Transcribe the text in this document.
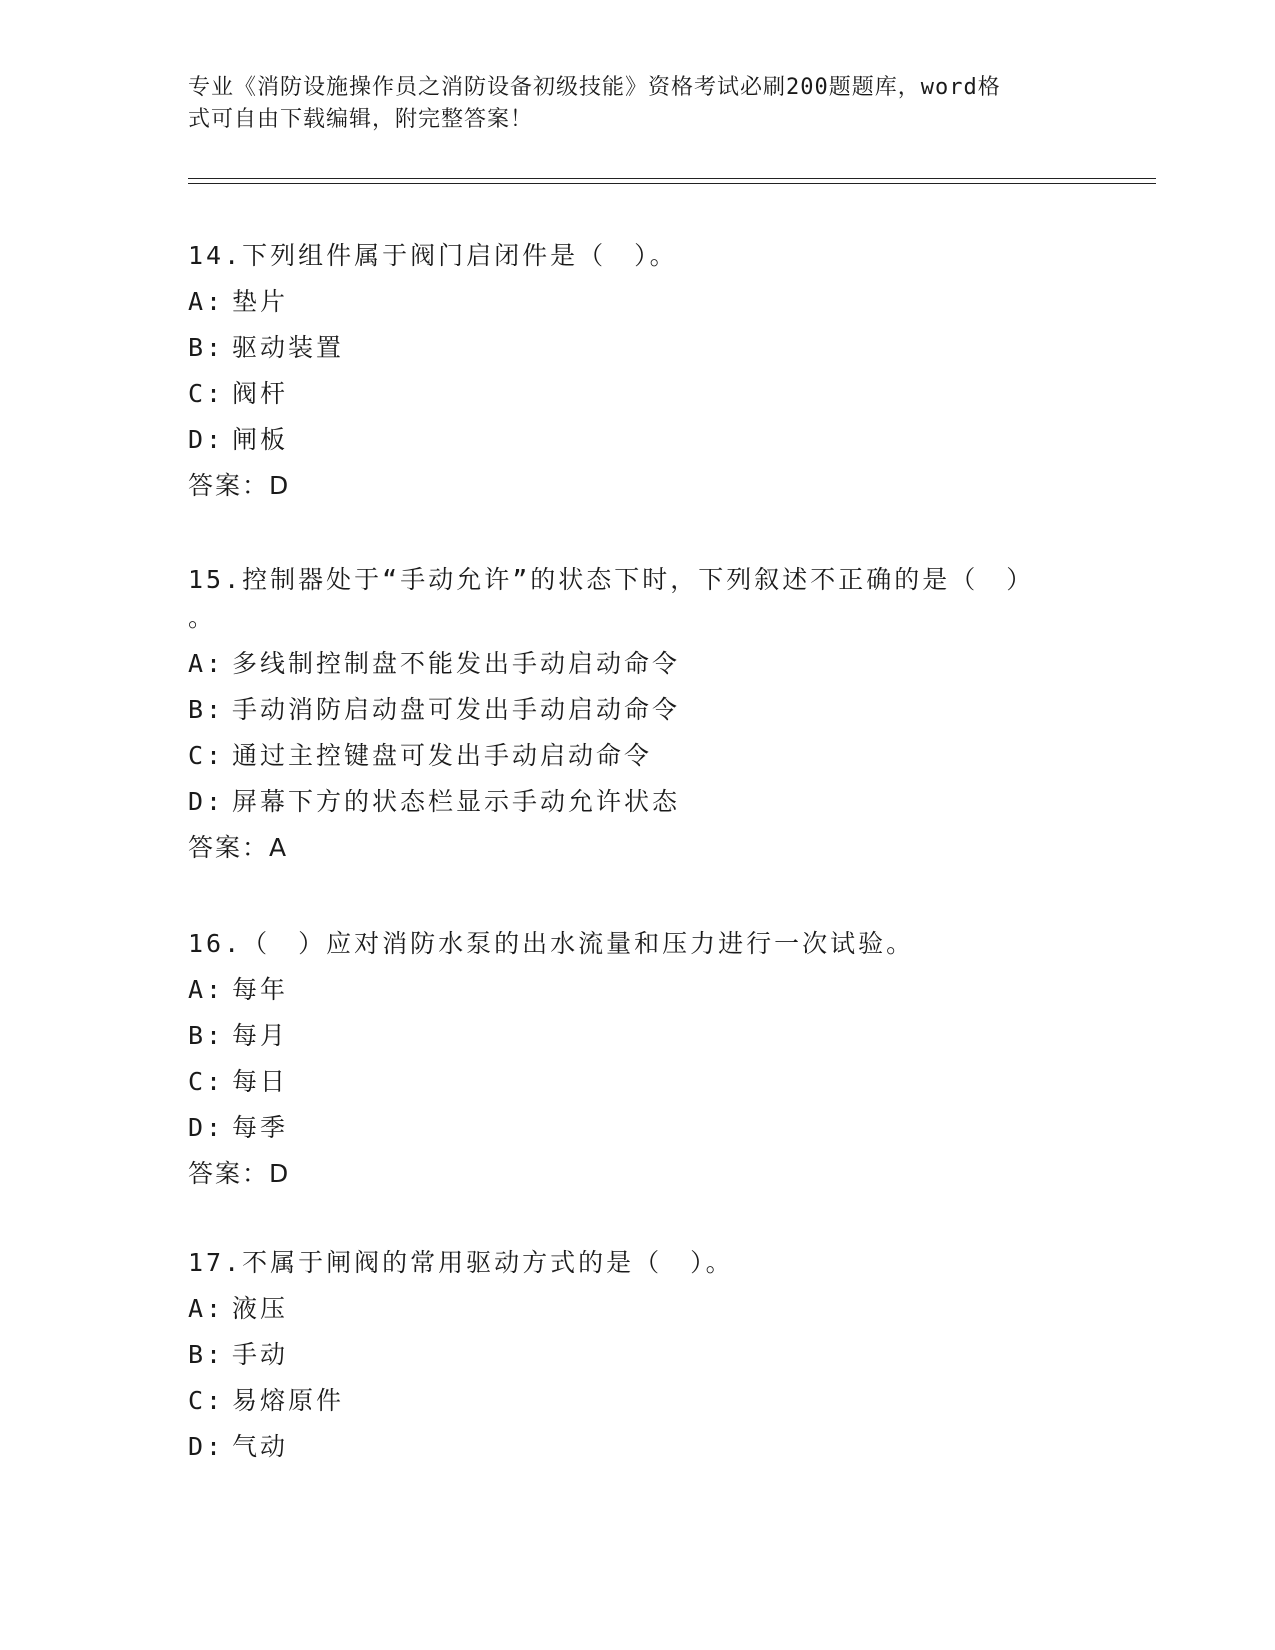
专业《消防设施操作员之消防设备初级技能》资格考试必刷200题题库，word格
式可自由下载编辑，附完整答案！
14.下列组件属于阀门启闭件是（　）。
A: 垫片
B: 驱动装置
C: 阀杆
D: 闸板
答案：D
15.控制器处于“手动允许”的状态下时，下列叙述不正确的是（　）
。
A: 多线制控制盘不能发出手动启动命令
B: 手动消防启动盘可发出手动启动命令
C: 通过主控键盘可发出手动启动命令
D: 屏幕下方的状态栏显示手动允许状态
答案：A
16.（　）应对消防水泵的出水流量和压力进行一次试验。
A: 每年
B: 每月
C: 每日
D: 每季
答案：D
17.不属于闸阀的常用驱动方式的是（　）。
A: 液压
B: 手动
C: 易熔原件
D: 气动
